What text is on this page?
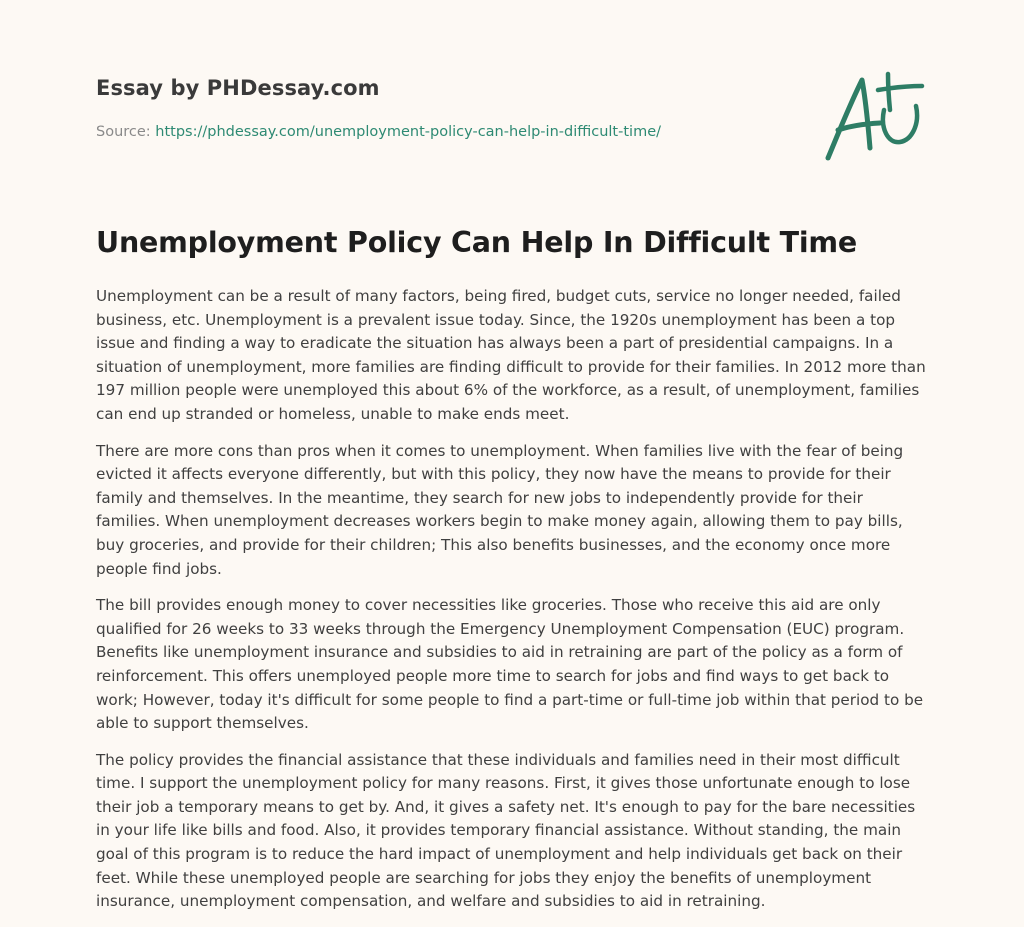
Essay by PHDessay.com
Source: https://phdessay.com/unemployment-policy-can-help-in-difficult-time/
Unemployment Policy Can Help In Difficult Time

Unemployment can be a result of many factors, being fired, budget cuts, service no longer needed, failed business, etc. Unemployment is a prevalent issue today. Since, the 1920s unemployment has been a top issue and finding a way to eradicate the situation has always been a part of presidential campaigns. In a situation of unemployment, more families are finding difficult to provide for their families. In 2012 more than 197 million people were unemployed this about 6% of the workforce, as a result, of unemployment, families can end up stranded or homeless, unable to make ends meet.

There are more cons than pros when it comes to unemployment. When families live with the fear of being evicted it affects everyone differently, but with this policy, they now have the means to provide for their family and themselves. In the meantime, they search for new jobs to independently provide for their families. When unemployment decreases workers begin to make money again, allowing them to pay bills, buy groceries, and provide for their children; This also benefits businesses, and the economy once more people find jobs.

The bill provides enough money to cover necessities like groceries. Those who receive this aid are only qualified for 26 weeks to 33 weeks through the Emergency Unemployment Compensation (EUC) program. Benefits like unemployment insurance and subsidies to aid in retraining are part of the policy as a form of reinforcement. This offers unemployed people more time to search for jobs and find ways to get back to work; However, today it's difficult for some people to find a part-time or full-time job within that period to be able to support themselves.

The policy provides the financial assistance that these individuals and families need in their most difficult time. I support the unemployment policy for many reasons. First, it gives those unfortunate enough to lose their job a temporary means to get by. And, it gives a safety net. It's enough to pay for the bare necessities in your life like bills and food. Also, it provides temporary financial assistance. Without standing, the main goal of this program is to reduce the hard impact of unemployment and help individuals get back on their feet. While these unemployed people are searching for jobs they enjoy the benefits of unemployment insurance, unemployment compensation, and welfare and subsidies to aid in retraining.
